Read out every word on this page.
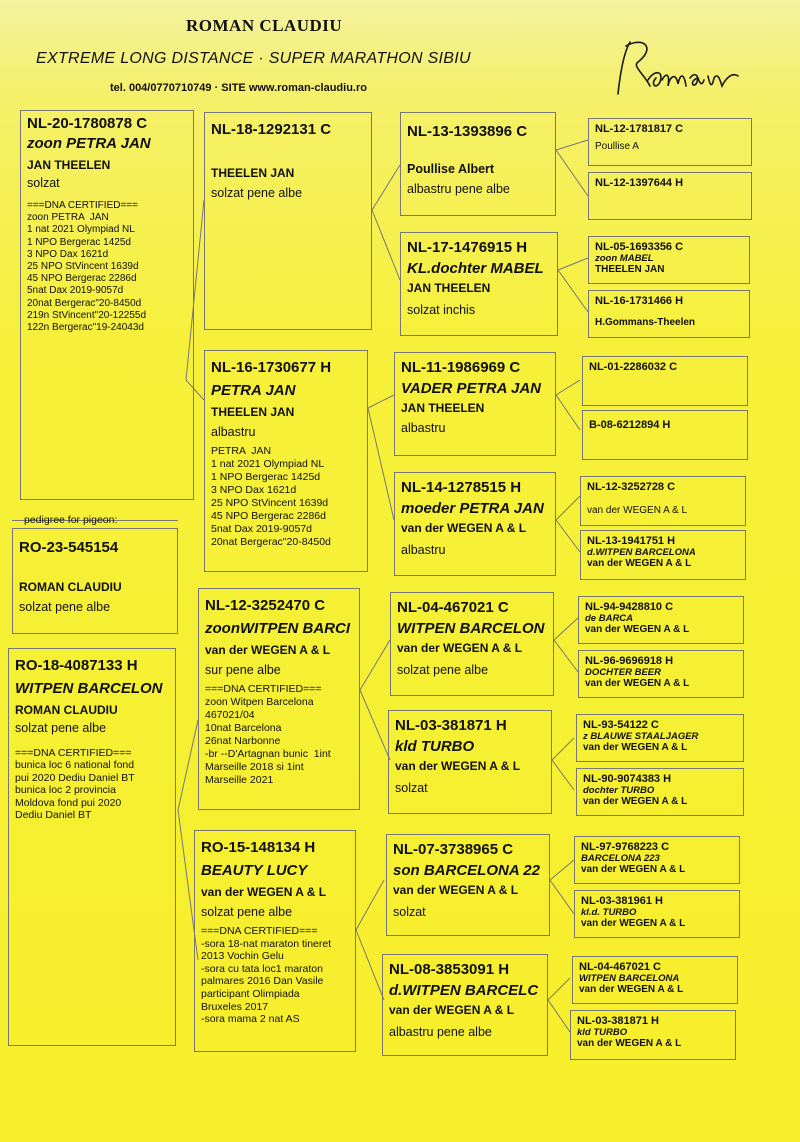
ROMAN CLAUDIU
EXTREME LONG DISTANCE · SUPER MARATHON SIBIU
tel. 004/0770710749 · SITE www.roman-claudiu.ro
NL-20-1780878 C
zoon PETRA JAN
JAN THEELEN
solzat
===DNA CERTIFIED===
zoon PETRA  JAN
1 nat 2021 Olympiad NL
1 NPO Bergerac 1425d
3 NPO Dax 1621d
25 NPO StVincent 1639d
45 NPO Bergerac 2286d
5nat Dax 2019-9057d
20nat Bergerac"20-8450d
219n StVincent"20-12255d
122n Bergerac"19-24043d
pedigree for pigeon:
RO-23-545154
ROMAN CLAUDIU
solzat pene albe
RO-18-4087133 H
WITPEN BARCELON
ROMAN CLAUDIU
solzat pene albe
===DNA CERTIFIED===
bunica loc 6 national fond
pui 2020 Dediu Daniel BT
bunica loc 2 provincia
Moldova fond pui 2020
Dediu Daniel BT
NL-18-1292131 C
THEELEN JAN
solzat pene albe
NL-16-1730677 H
PETRA JAN
THEELEN JAN
albastru
PETRA  JAN
1 nat 2021 Olympiad NL
1 NPO Bergerac 1425d
3 NPO Dax 1621d
25 NPO StVincent 1639d
45 NPO Bergerac 2286d
5nat Dax 2019-9057d
20nat Bergerac"20-8450d
NL-12-3252470 C
zoonWITPEN BARCI
van der WEGEN A & L
sur pene albe
===DNA CERTIFIED===
zoon Witpen Barcelona
467021/04
10nat Barcelona
26nat Narbonne
-br --D'Artagnan bunic  1int
Marseille 2018 si 1int
Marseille 2021
RO-15-148134 H
BEAUTY LUCY
van der WEGEN A & L
solzat pene albe
===DNA CERTIFIED===
-sora 18-nat maraton tineret
2013 Vochin Gelu
-sora cu tata loc1 maraton
palmares 2016 Dan Vasile
participant Olimpiada
Bruxeles 2017
-sora mama 2 nat AS
NL-13-1393896 C
Poullise Albert
albastru pene albe
NL-17-1476915 H
KL.dochter MABEL
JAN THEELEN
solzat inchis
NL-11-1986969 C
VADER PETRA JAN
JAN THEELEN
albastru
NL-14-1278515 H
moeder PETRA JAN
van der WEGEN A & L
albastru
NL-04-467021 C
WITPEN BARCELON
van der WEGEN A & L
solzat pene albe
NL-03-381871 H
kld TURBO
van der WEGEN A & L
solzat
NL-07-3738965 C
son BARCELONA 22
van der WEGEN A & L
solzat
NL-08-3853091 H
d.WITPEN BARCELC
van der WEGEN A & L
albastru pene albe
NL-12-1781817 C
Poullise A
NL-12-1397644 H
NL-05-1693356 C
zoon MABEL
THEELEN JAN
NL-16-1731466 H
H.Gommans-Theelen
NL-01-2286032 C
B-08-6212894 H
NL-12-3252728 C
van der WEGEN A & L
NL-13-1941751 H
d.WITPEN BARCELONA
van der WEGEN A & L
NL-94-9428810 C
de BARCA
van der WEGEN A & L
NL-96-9696918 H
DOCHTER BEER
van der WEGEN A & L
NL-93-54122 C
z BLAUWE STAALJAGER
van der WEGEN A & L
NL-90-9074383 H
dochter TURBO
van der WEGEN A & L
NL-97-9768223 C
BARCELONA 223
van der WEGEN A & L
NL-03-381961 H
kl.d. TURBO
van der WEGEN A & L
NL-04-467021 C
WITPEN BARCELONA
van der WEGEN A & L
NL-03-381871 H
kld TURBO
van der WEGEN A & L
